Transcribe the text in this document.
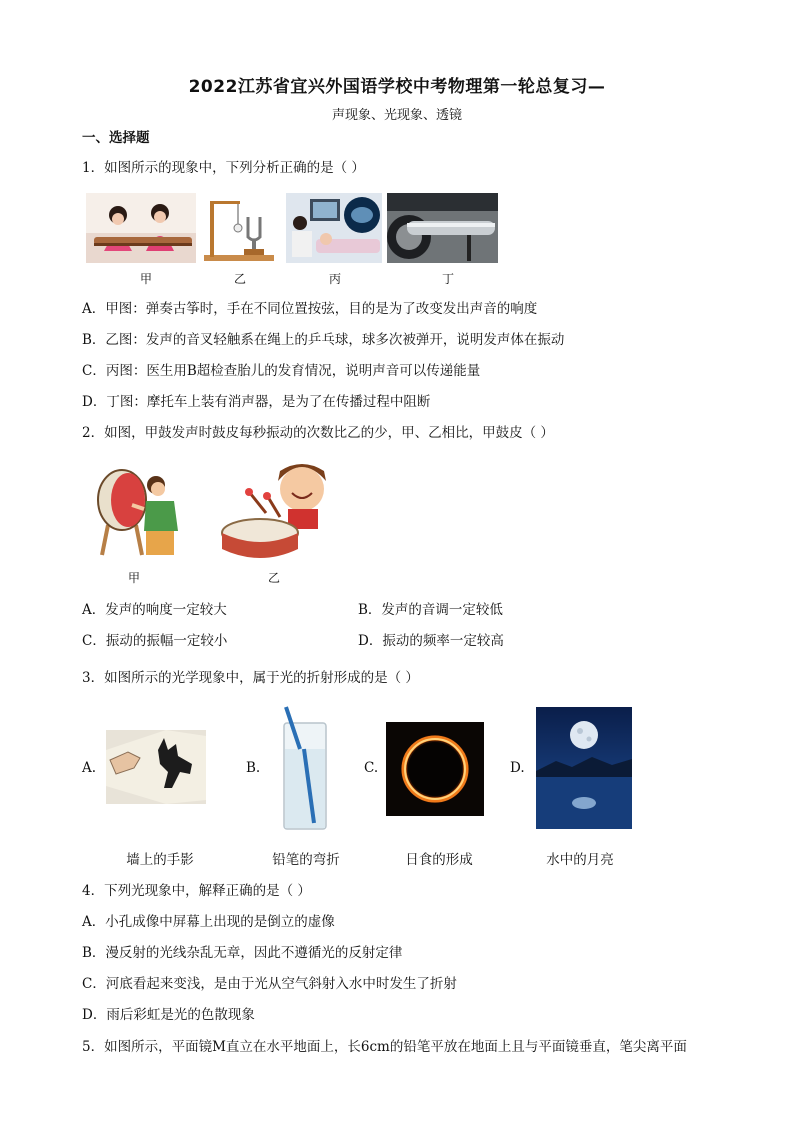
2022江苏省宜兴外国语学校中考物理第一轮总复习—
声现象、光现象、透镜
一、选择题
1．如图所示的现象中，下列分析正确的是（ ）
甲	乙	丙	丁
A．甲图：弹奏古筝时，手在不同位置按弦，目的是为了改变发出声音的响度
B．乙图：发声的音叉轻触系在绳上的乒乓球，球多次被弹开，说明发声体在振动
C．丙图：医生用B超检查胎儿的发育情况，说明声音可以传递能量
D．丁图：摩托车上装有消声器，是为了在传播过程中阻断
2．如图，甲鼓发声时鼓皮每秒振动的次数比乙的少，甲、乙相比，甲鼓皮（ ）
甲	乙
A．发声的响度一定较大	B．发声的音调一定较低
C．振动的振幅一定较小	D．振动的频率一定较高
3．如图所示的光学现象中，属于光的折射形成的是（ ）
A.	B.	C.	D.
墙上的手影	铅笔的弯折	日食的形成	水中的月亮
4．下列光现象中，解释正确的是（ ）
A．小孔成像中屏幕上出现的是倒立的虚像
B．漫反射的光线杂乱无章，因此不遵循光的反射定律
C．河底看起来变浅，是由于光从空气斜射入水中时发生了折射
D．雨后彩虹是光的色散现象
5．如图所示，平面镜M直立在水平地面上，长6cm的铅笔平放在地面上且与平面镜垂直，笔尖离平面
